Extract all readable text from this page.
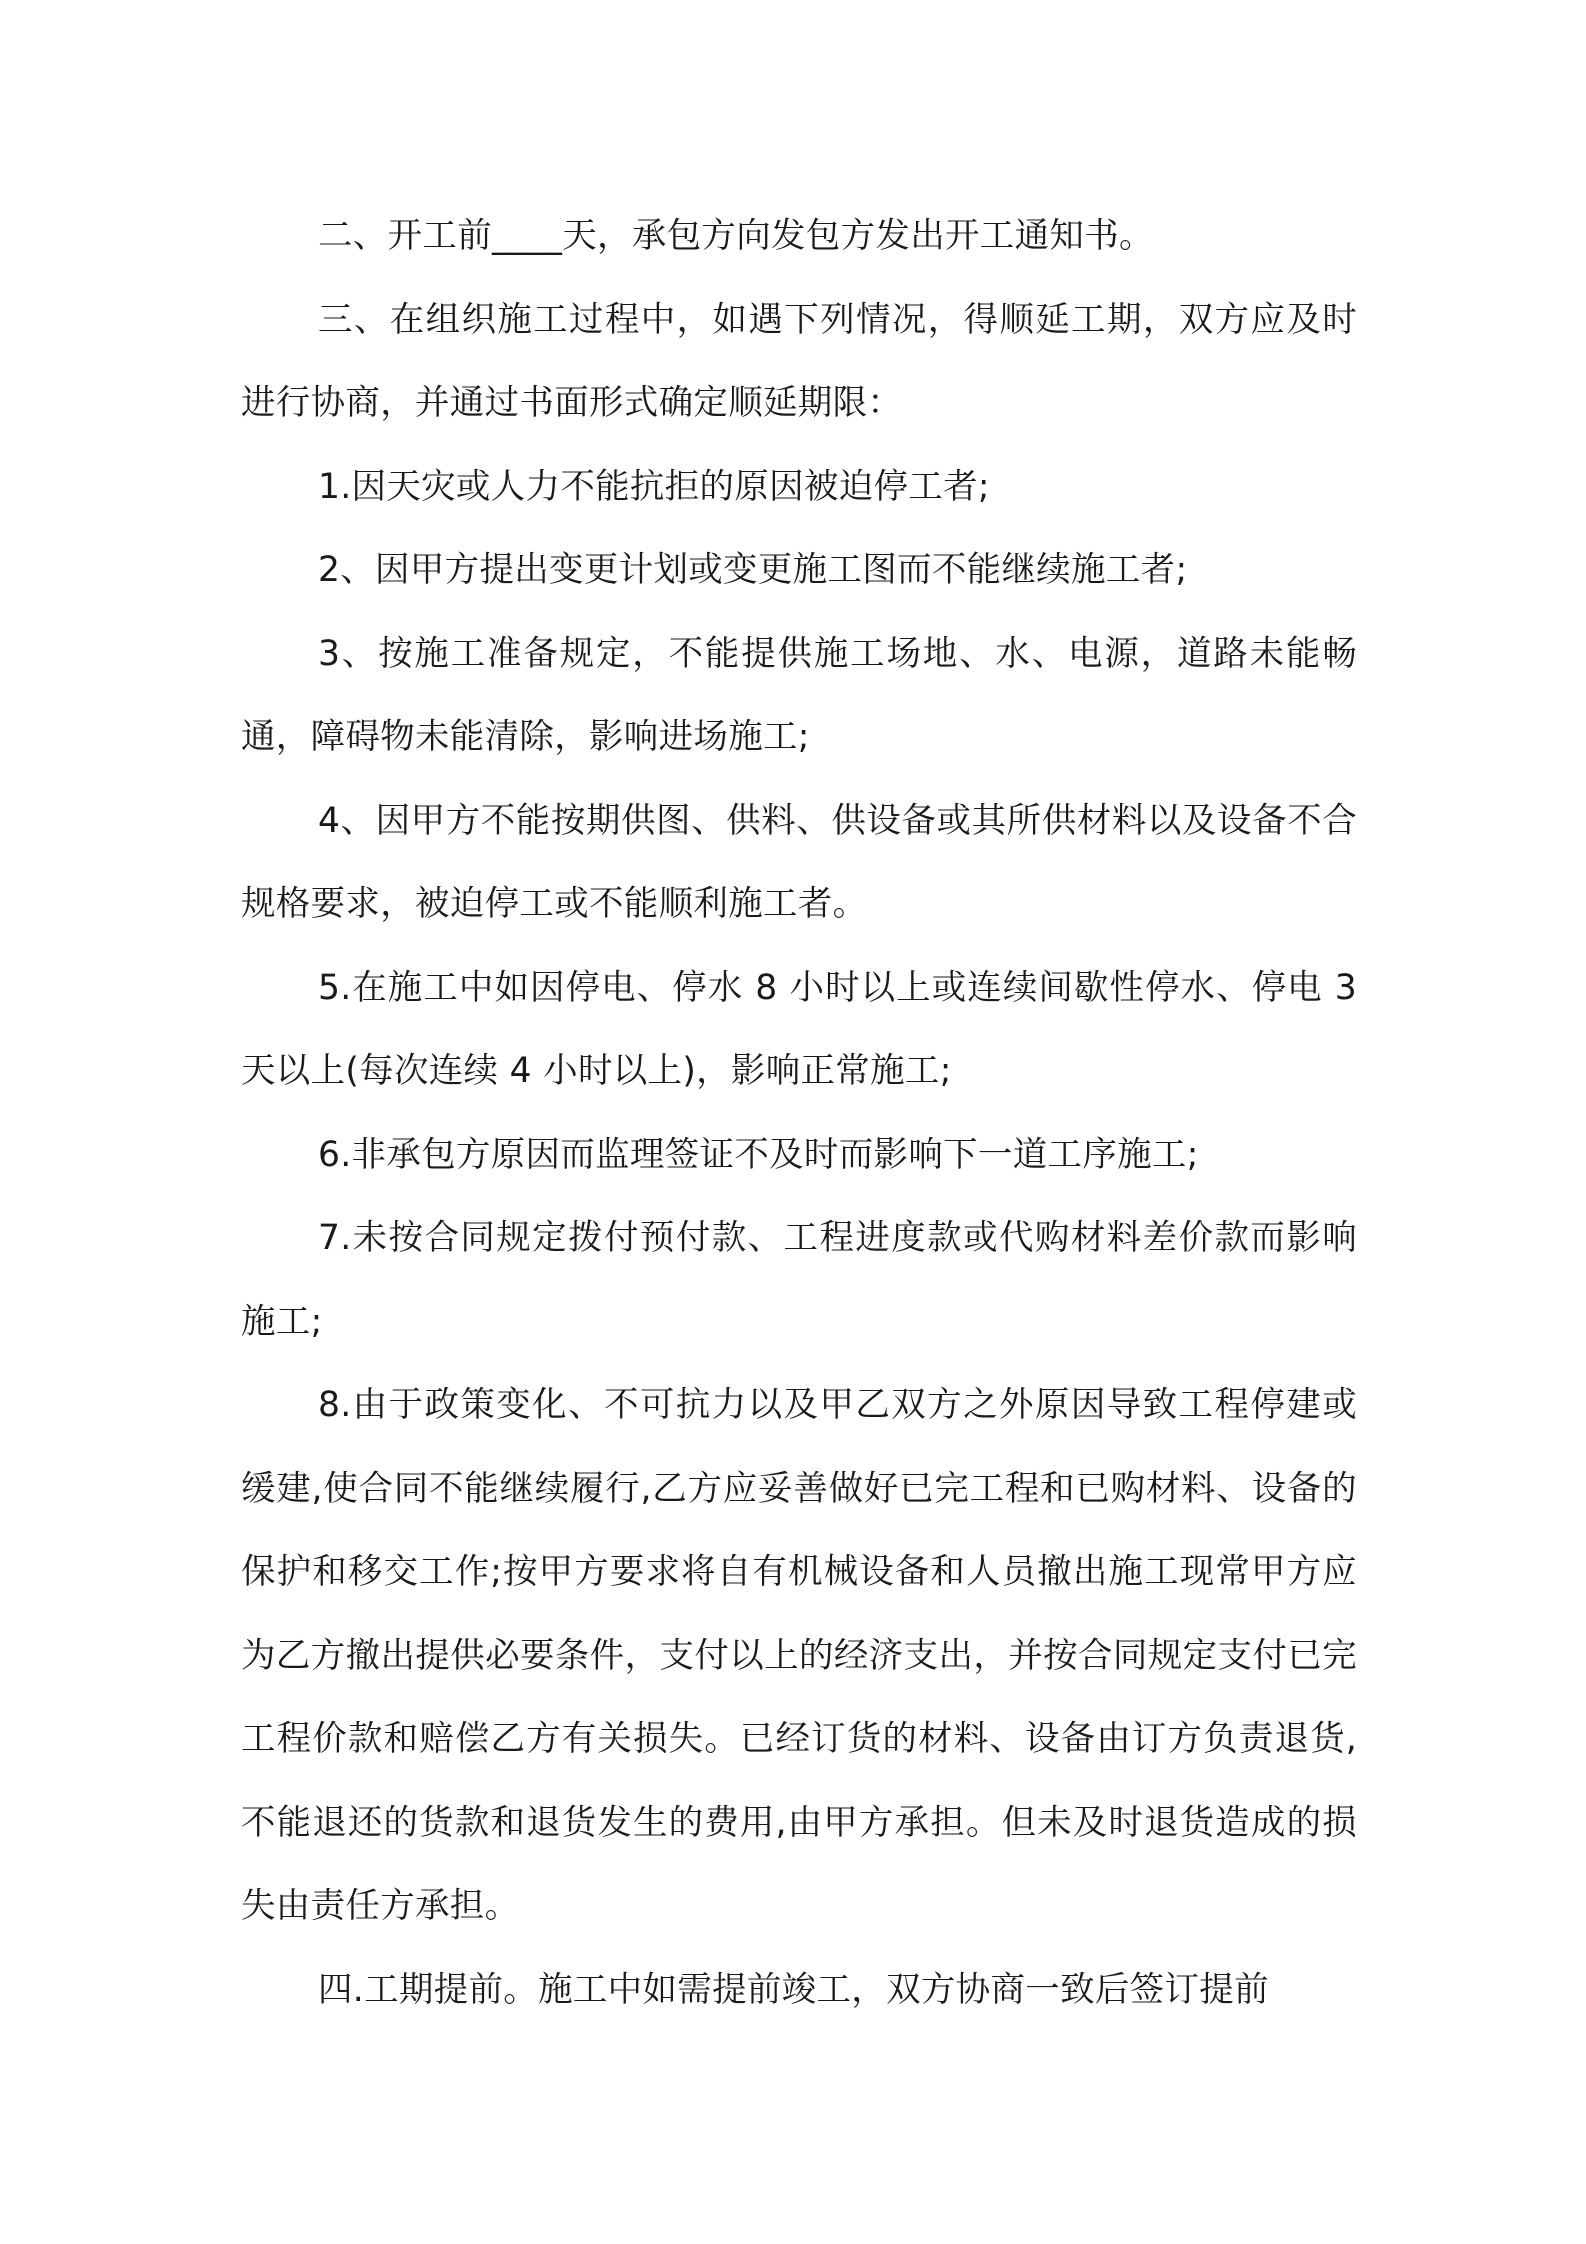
二、开工前____天，承包方向发包方发出开工通知书。

三、在组织施工过程中，如遇下列情况，得顺延工期，双方应及时进行协商，并通过书面形式确定顺延期限：

1.因天灾或人力不能抗拒的原因被迫停工者;

2、因甲方提出变更计划或变更施工图而不能继续施工者;

3、按施工准备规定，不能提供施工场地、水、电源，道路未能畅通，障碍物未能清除，影响进场施工;

4、因甲方不能按期供图、供料、供设备或其所供材料以及设备不合规格要求，被迫停工或不能顺利施工者。

5.在施工中如因停电、停水 8 小时以上或连续间歇性停水、停电 3 天以上(每次连续 4 小时以上)，影响正常施工;

6.非承包方原因而监理签证不及时而影响下一道工序施工;

7.未按合同规定拨付预付款、工程进度款或代购材料差价款而影响施工;

8.由于政策变化、不可抗力以及甲乙双方之外原因导致工程停建或缓建,使合同不能继续履行,乙方应妥善做好已完工程和已购材料、设备的保护和移交工作;按甲方要求将自有机械设备和人员撤出施工现常甲方应为乙方撤出提供必要条件，支付以上的经济支出，并按合同规定支付已完工程价款和赔偿乙方有关损失。已经订货的材料、设备由订方负责退货,不能退还的货款和退货发生的费用,由甲方承担。但未及时退货造成的损失由责任方承担。

四.工期提前。施工中如需提前竣工，双方协商一致后签订提前
